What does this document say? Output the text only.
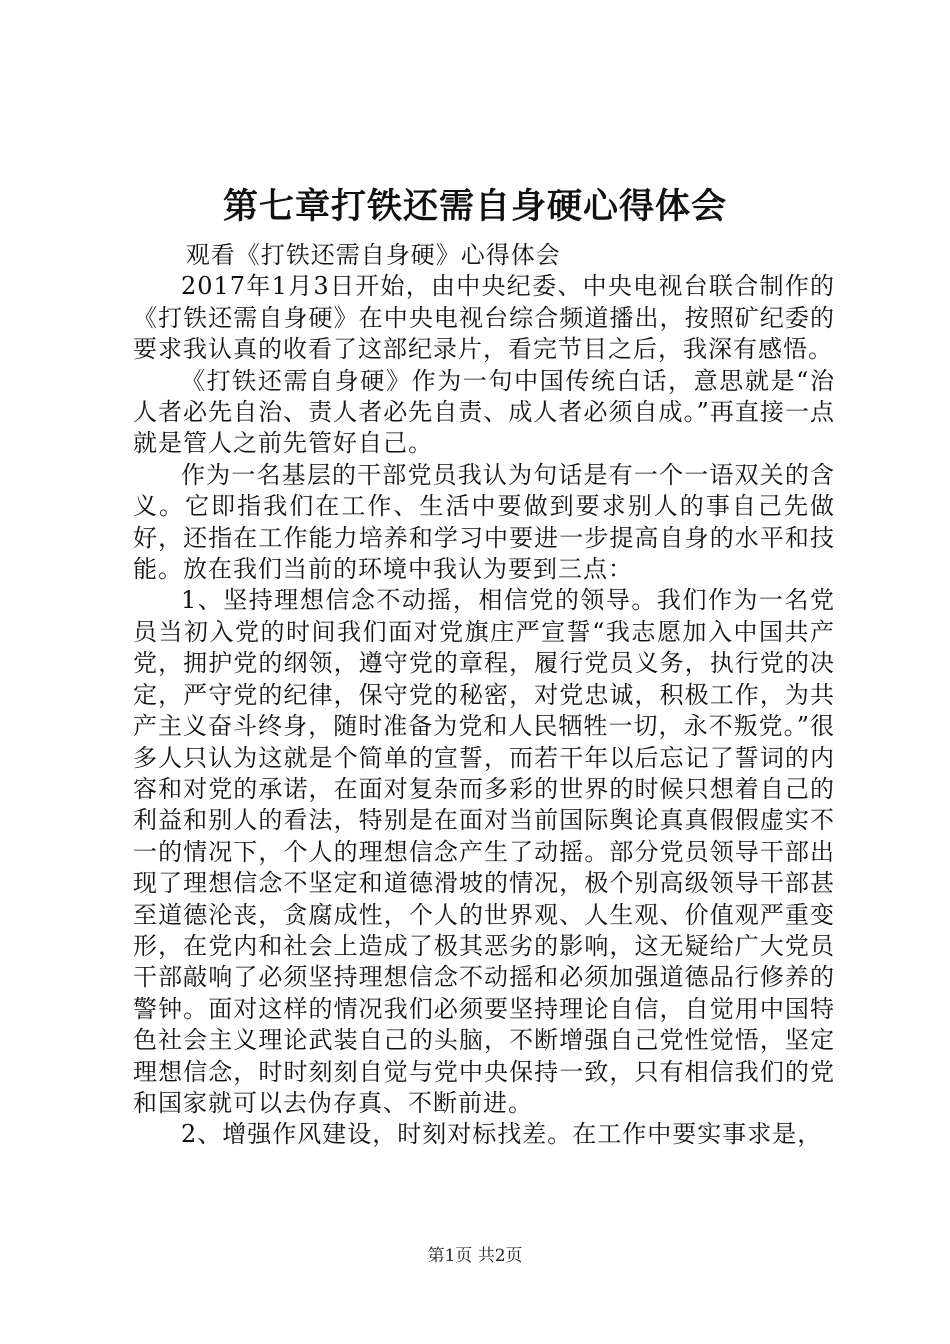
第七章打铁还需自身硬心得体会

观看《打铁还需自身硬》心得体会

2017年1月3日开始，由中央纪委、中央电视台联合制作的《打铁还需自身硬》在中央电视台综合频道播出，按照矿纪委的要求我认真的收看了这部纪录片，看完节目之后，我深有感悟。

《打铁还需自身硬》作为一句中国传统白话，意思就是“治人者必先自治、责人者必先自责、成人者必须自成。”再直接一点就是管人之前先管好自己。

作为一名基层的干部党员我认为句话是有一个一语双关的含义。它即指我们在工作、生活中要做到要求别人的事自己先做好，还指在工作能力培养和学习中要进一步提高自身的水平和技能。放在我们当前的环境中我认为要到三点：

1、坚持理想信念不动摇，相信党的领导。我们作为一名党员当初入党的时间我们面对党旗庄严宣誓“我志愿加入中国共产党，拥护党的纲领，遵守党的章程，履行党员义务，执行党的决定，严守党的纪律，保守党的秘密，对党忠诚，积极工作，为共产主义奋斗终身，随时准备为党和人民牺牲一切，永不叛党。”很多人只认为这就是个简单的宣誓，而若干年以后忘记了誓词的内容和对党的承诺，在面对复杂而多彩的世界的时候只想着自己的利益和别人的看法，特别是在面对当前国际舆论真真假假虚实不一的情况下，个人的理想信念产生了动摇。部分党员领导干部出现了理想信念不坚定和道德滑坡的情况，极个别高级领导干部甚至道德沦丧，贪腐成性，个人的世界观、人生观、价值观严重变形，在党内和社会上造成了极其恶劣的影响，这无疑给广大党员干部敲响了必须坚持理想信念不动摇和必须加强道德品行修养的警钟。面对这样的情况我们必须要坚持理论自信，自觉用中国特色社会主义理论武装自己的头脑，不断增强自己党性觉悟，坚定理想信念，时时刻刻自觉与党中央保持一致，只有相信我们的党和国家就可以去伪存真、不断前进。

2、增强作风建设，时刻对标找差。在工作中要实事求是，

第1页 共2页
